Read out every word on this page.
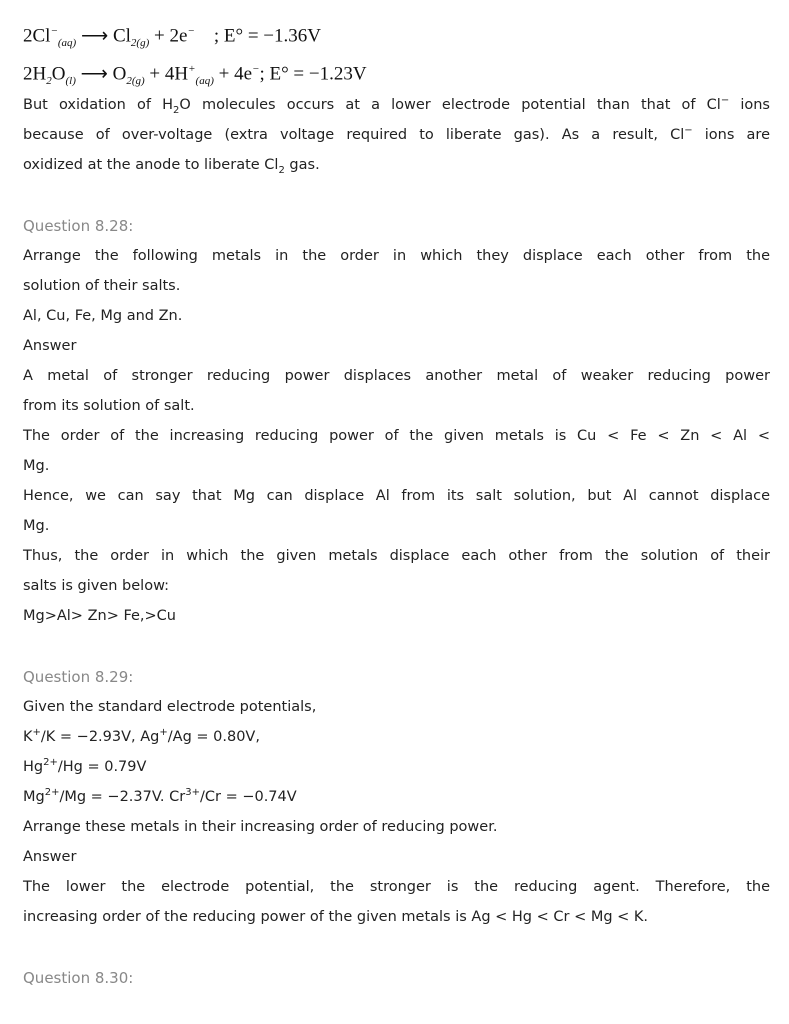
$2Cl^-_{(aq)}$ ⟶ $Cl_{2(g)} + 2e^-$    ; E° = −1.36V
$2H_2O_{(l)}$ ⟶ $O_{2(g)} + 4H^+_{(aq)} + 4e^-$; E° = −1.23V
But oxidation of $H_2O$ molecules occurs at a lower electrode potential than that of Cl− ions
because of over-voltage (extra voltage required to liberate gas). As a result, Cl− ions are
oxidized at the anode to liberate $Cl_2$ gas.
Question 8.28:
Arrange the following metals in the order in which they displace each other from the
solution of their salts.
Al, Cu, Fe, Mg and Zn.
Answer
A metal of stronger reducing power displaces another metal of weaker reducing power
from its solution of salt.
The order of the increasing reducing power of the given metals is Cu < Fe < Zn < Al <
Mg.
Hence, we can say that Mg can displace Al from its salt solution, but Al cannot displace
Mg.
Thus, the order in which the given metals displace each other from the solution of their
salts is given below:
Mg>Al> Zn> Fe,>Cu
Question 8.29:
Given the standard electrode potentials,
K+/K = −2.93V, Ag+/Ag = 0.80V,
$Hg^{2+}/Hg = 0.79V$
$Mg^{2+}/Mg = -2.37V$. $Cr^{3+}/Cr = -0.74V$
Arrange these metals in their increasing order of reducing power.
Answer
The lower the electrode potential, the stronger is the reducing agent. Therefore, the
increasing order of the reducing power of the given metals is Ag < Hg < Cr < Mg < K.
Question 8.30:
